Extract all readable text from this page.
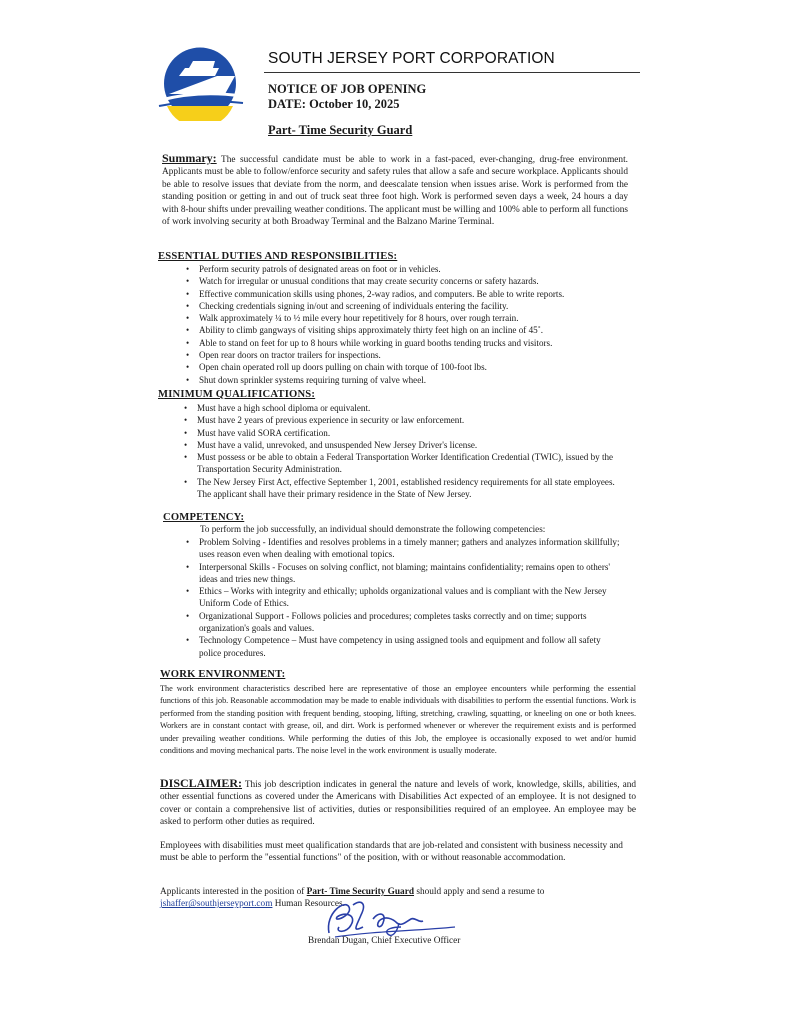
SOUTH JERSEY PORT CORPORATION
NOTICE OF JOB OPENING
DATE: October 10, 2025
Part- Time Security Guard
Summary: The successful candidate must be able to work in a fast-paced, ever-changing, drug-free environment. Applicants must be able to follow/enforce security and safety rules that allow a safe and secure workplace. Applicants should be able to resolve issues that deviate from the norm, and deescalate tension when issues arise. Work is performed from the standing position or getting in and out of truck seat three foot high. Work is performed seven days a week, 24 hours a day with 8-hour shifts under prevailing weather conditions. The applicant must be willing and 100% able to perform all functions of work involving security at both Broadway Terminal and the Balzano Marine Terminal.
ESSENTIAL DUTIES AND RESPONSIBILITIES:
• Perform security patrols of designated areas on foot or in vehicles.
• Watch for irregular or unusual conditions that may create security concerns or safety hazards.
• Effective communication skills using phones, 2-way radios, and computers. Be able to write reports.
• Checking credentials signing in/out and screening of individuals entering the facility.
• Walk approximately ¼ to ½ mile every hour repetitively for 8 hours, over rough terrain.
• Ability to climb gangways of visiting ships approximately thirty feet high on an incline of 45˚.
• Able to stand on feet for up to 8 hours while working in guard booths tending trucks and visitors.
• Open rear doors on tractor trailers for inspections.
• Open chain operated roll up doors pulling on chain with torque of 100-foot lbs.
• Shut down sprinkler systems requiring turning of valve wheel.
MINIMUM QUALIFICATIONS:
• Must have a high school diploma or equivalent.
• Must have 2 years of previous experience in security or law enforcement.
• Must have valid SORA certification.
• Must have a valid, unrevoked, and unsuspended New Jersey Driver's license.
• Must possess or be able to obtain a Federal Transportation Worker Identification Credential (TWIC), issued by the Transportation Security Administration.
• The New Jersey First Act, effective September 1, 2001, established residency requirements for all state employees. The applicant shall have their primary residence in the State of New Jersey.
COMPETENCY:
To perform the job successfully, an individual should demonstrate the following competencies:
• Problem Solving - Identifies and resolves problems in a timely manner; gathers and analyzes information skillfully; uses reason even when dealing with emotional topics.
• Interpersonal Skills - Focuses on solving conflict, not blaming; maintains confidentiality; remains open to others' ideas and tries new things.
• Ethics – Works with integrity and ethically; upholds organizational values and is compliant with the New Jersey Uniform Code of Ethics.
• Organizational Support - Follows policies and procedures; completes tasks correctly and on time; supports organization's goals and values.
• Technology Competence – Must have competency in using assigned tools and equipment and follow all safety police procedures.
WORK ENVIRONMENT:
The work environment characteristics described here are representative of those an employee encounters while performing the essential functions of this job. Reasonable accommodation may be made to enable individuals with disabilities to perform the essential functions. Work is performed from the standing position with frequent bending, stooping, lifting, stretching, crawling, squatting, or kneeling on one or both knees. Workers are in constant contact with grease, oil, and dirt. Work is performed whenever or wherever the requirement exists and is performed under prevailing weather conditions. While performing the duties of this Job, the employee is occasionally exposed to wet and/or humid conditions and moving mechanical parts. The noise level in the work environment is usually moderate.
DISCLAIMER: This job description indicates in general the nature and levels of work, knowledge, skills, abilities, and other essential functions as covered under the Americans with Disabilities Act expected of an employee. It is not designed to cover or contain a comprehensive list of activities, duties or responsibilities required of an employee. An employee may be asked to perform other duties as required.
Employees with disabilities must meet qualification standards that are job-related and consistent with business necessity and must be able to perform the "essential functions" of the position, with or without reasonable accommodation.
Applicants interested in the position of Part- Time Security Guard should apply and send a resume to
jshaffer@southjerseyport.com Human Resources.
Brendan Dugan, Chief Executive Officer
